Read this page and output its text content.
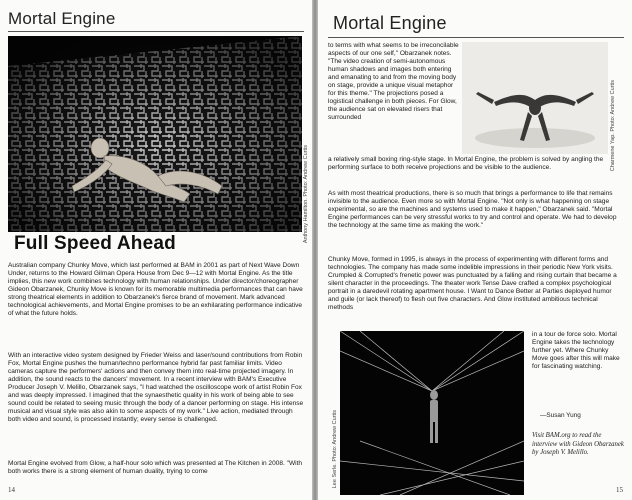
Mortal Engine
Anthony Hamilton. Photo: Andrew Curtis
Full Speed Ahead
Australian company Chunky Move, which last performed at BAM in 2001 as part of Next Wave Down Under, returns to the Howard Gilman Opera House from Dec 9—12 with Mortal Engine. As the title implies, this new work combines technology with human relationships. Under director/choreographer Gideon Obarzanek, Chunky Move is known for its memorable multimedia performances that can have strong theatrical elements in addition to Obarzanek's fierce brand of movement. Mark advanced technological achievements, and Mortal Engine promises to be an exhilarating performance indicative of what the future holds.
With an interactive video system designed by Frieder Weiss and laser/sound contributions from Robin Fox, Mortal Engine pushes the human/techno performance hybrid far past familiar limits. Video cameras capture the performers' actions and then convey them into real-time projected imagery. In addition, the sound reacts to the dancers' movement. In a recent interview with BAM's Executive Producer Joseph V. Melillo, Obarzanek says, "I had watched the oscilloscope work of artist Robin Fox and was deeply impressed. I imagined that the synaesthetic quality in his work of being able to see sound could be related to seeing music through the body of a dancer performing on stage. His intense musical and visual style was also akin to some aspects of my work." Live action, mediated through both video and sound, is processed instantly; every sense is challenged.
Mortal Engine evolved from Glow, a half-hour solo which was presented at The Kitchen in 2008. "With both works there is a strong element of human duality, trying to come
14
Mortal Engine
to terms with what seems to be irreconcilable aspects of our one self," Obarzanek notes. "The video creation of semi-autonomous human shadows and images both entering and emanating to and from the moving body on stage, provide a unique visual metaphor for this theme." The projections posed a logistical challenge in both pieces. For Glow, the audience sat on elevated risers that surrounded	Charmene Yap. Photo: Andrew Curtis
a relatively small boxing ring-style stage. In Mortal Engine, the problem is solved by angling the performing surface to both receive projections and be visible to the audience.
As with most theatrical productions, there is so much that brings a performance to life that remains invisible to the audience. Even more so with Mortal Engine. "Not only is what happening on stage experimental, so are the machines and systems used to make it happen," Obarzanek said. "Mortal Engine performances can be very stressful works to try and control and operate. We had to develop the technology at the same time as making the work."
Chunky Move, formed in 1995, is always in the process of experimenting with different forms and technologies. The company has made some indelible impressions in their periodic New York visits. Crumpled & Corrupted's frenetic power was punctuated by a falling and rising curtain that became a silent character in the proceedings. The theater work Tense Dave crafted a complex psychological portrait in a daredevil rotating apartment house. I Want to Dance Better at Parties deployed humor and guile (or lack thereof) to flesh out five characters. And Glow instituted ambitious technical methods
Lee Serle. Photo: Andrew Curtis
in a tour de force solo. Mortal Engine takes the technology further yet. Where Chunky Move goes after this will make for fascinating watching.
—Susan Yung
Visit BAM.org to read the interview with Gideon Obarzanek by Joseph V. Melillo.
15
